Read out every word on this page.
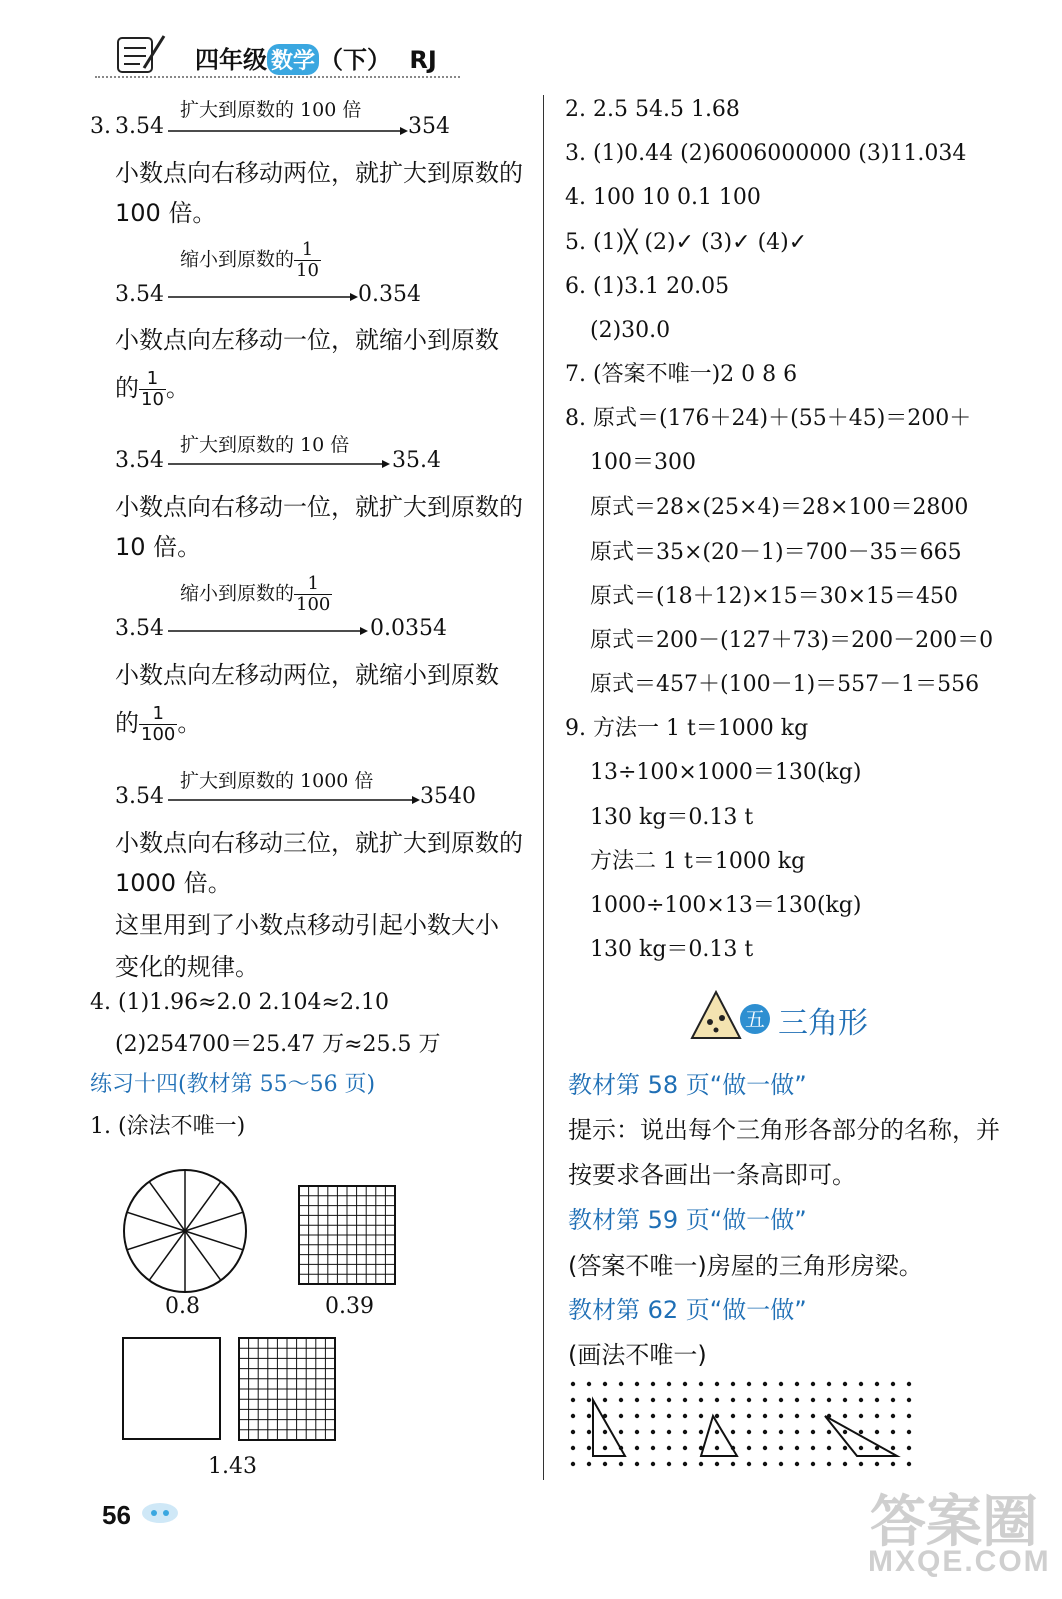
四年级 数学 （下） RJ
3. 3.54
扩大到原数的 100 倍
354
小数点向右移动两位，就扩大到原数的
100 倍。
缩小到原数的 $\frac{1}{10}$
3.54	0.354
小数点向左移动一位，就缩小到原数
的 $\frac{1}{10}$ 。
扩大到原数的 10 倍
3.54	35.4
小数点向右移动一位，就扩大到原数的
10 倍。
缩小到原数的 $\frac{1}{100}$
3.54	0.0354
小数点向左移动两位，就缩小到原数
的 $\frac{1}{100}$ 。
扩大到原数的 1000 倍
3.54	3540
小数点向右移动三位，就扩大到原数的
1000 倍。
这里用到了小数点移动引起小数大小
变化的规律。
4. (1)1.96≈2.0 2.104≈2.10
(2)254700＝25.47 万≈25.5 万
练习十四(教材第 55～56 页)
1. (涂法不唯一)
0.8	0.39
1.43
2. 2.5 54.5 1.68
3. (1)0.44 (2)6006000000 (3)11.034
4. 100 10 0.1 100
5. (1)╳ (2)✓ (3)✓ (4)✓
6. (1)3.1 20.05
(2)30.0
7. (答案不唯一)2 0 8 6
8. 原式＝(176＋24)＋(55＋45)＝200＋
100＝300
原式＝28×(25×4)＝28×100＝2800
原式＝35×(20－1)＝700－35＝665
原式＝(18＋12)×15＝30×15＝450
原式＝200－(127＋73)＝200－200＝0
原式＝457＋(100－1)＝557－1＝556
9. 方法一 1 t＝1000 kg
13÷100×1000＝130(kg)
130 kg＝0.13 t
方法二 1 t＝1000 kg
1000÷100×13＝130(kg)
130 kg＝0.13 t
五 三角形
教材第 58 页“做一做”
提示：说出每个三角形各部分的名称，并
按要求各画出一条高即可。
教材第 59 页“做一做”
(答案不唯一)房屋的三角形房梁。
教材第 62 页“做一做”
(画法不唯一)
56	答案圈
MXQE.COM
